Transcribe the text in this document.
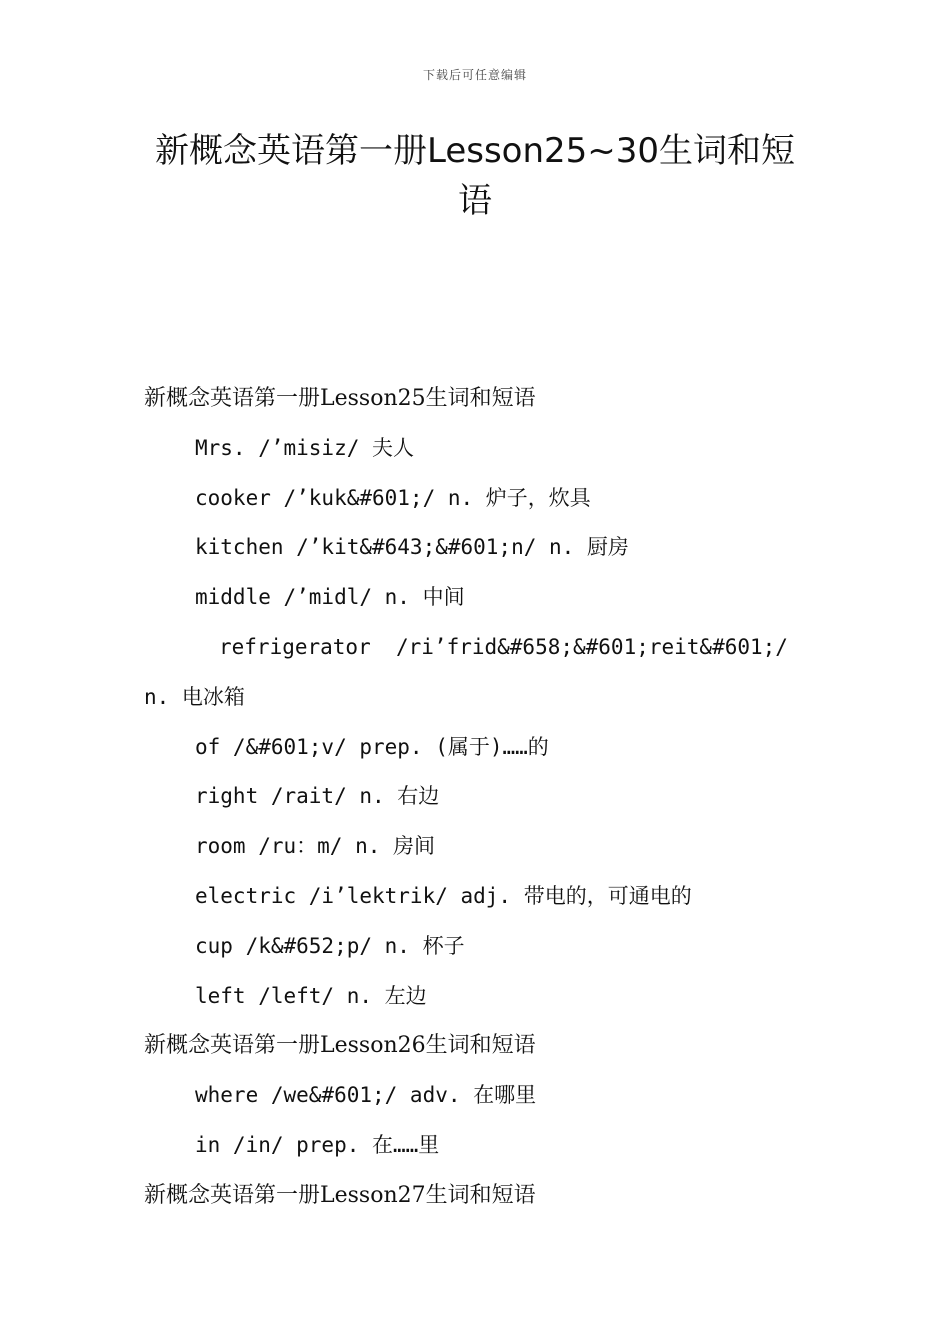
下载后可任意编辑
新概念英语第一册Lesson25~30生词和短语
新概念英语第一册Lesson25生词和短语
Mrs. /’misiz/ 夫人
cooker /’kuk&#601;/ n. 炉子，炊具
kitchen /’kit&#643;&#601;n/ n. 厨房
middle /’midl/ n. 中间
refrigerator  /ri’frid&#658;&#601;reit&#601;/
n. 电冰箱
of /&#601;v/ prep. (属于)……的
right /rait/ n. 右边
room /ru：m/ n. 房间
electric /i’lektrik/ adj. 带电的，可通电的
cup /k&#652;p/ n. 杯子
left /left/ n. 左边
新概念英语第一册Lesson26生词和短语
where /we&#601;/ adv. 在哪里
in /in/ prep. 在……里
新概念英语第一册Lesson27生词和短语
